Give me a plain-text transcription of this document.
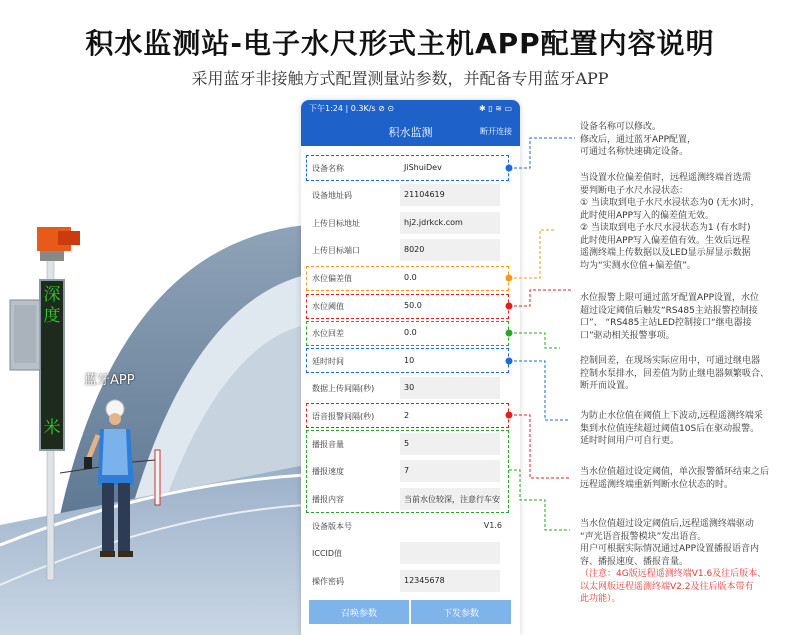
积水监测站-电子水尺形式主机APP配置内容说明
采用蓝牙非接触方式配置测量站参数，并配备专用蓝牙APP
深
度
米
蓝牙APP
下午1:24 | 0.3K/s ⊘ ⊙	✱ ▯ ≋ ▭
积水监测	断开连接
设备名称	JiShuiDev
设备地址码	21104619
上传目标地址	hj2.jdrkck.com
上传目标端口	8020
水位偏差值	0.0
水位阈值	50.0
水位回差	0.0
延时时间	10
数据上传间隔(秒)	30
语音报警间隔(秒)	2
播报音量	5
播报速度	7
播报内容	当前水位较深，注意行车安
设备版本号	V1.6
ICCID值
操作密码	12345678
召唤参数	下发参数
设备名称可以修改。
修改后，通过蓝牙APP配置，
可通过名称快速确定设备。
当设置水位偏差值时，远程遥测终端首选需
要判断电子水尺水浸状态：
① 当读取到电子水尺水浸状态为0 (无水)时，
此时使用APP写入的偏差值无效。
② 当读取到电子水尺水浸状态为1 (有水时)
此时使用APP写入偏差值有效。生效后远程
遥测终端上传数据以及LED显示屏显示数据
均为“实测水位值+偏差值”。
水位报警上限可通过蓝牙配置APP设置，水位
超过设定阈值后触发“RS485主站报警控制接
口”、 “RS485主站LED控制接口“继电器接
口”驱动相关报警事项。
控制回差，在现场实际应用中，可通过继电器
控制水泵排水，回差值为防止继电器频繁吸合、
断开而设置。
为防止水位值在阈值上下波动,远程遥测终端采
集到水位值连续超过阈值10S后在驱动报警。
延时时间用户可自行更。
当水位值超过设定阈值，单次报警循环结束之后
远程遥测终端重新判断水位状态的时。
当水位值超过设定阈值后,远程遥测终端驱动
“声光语音报警模块”发出语音。
用户可根据实际情况通过APP设置播报语音内
容、播报速度、播报音量。
（注意：4G版远程遥测终端V1.6及往后版本、
以太网版远程遥测终端V2.2及往后版本带有
此功能）。
